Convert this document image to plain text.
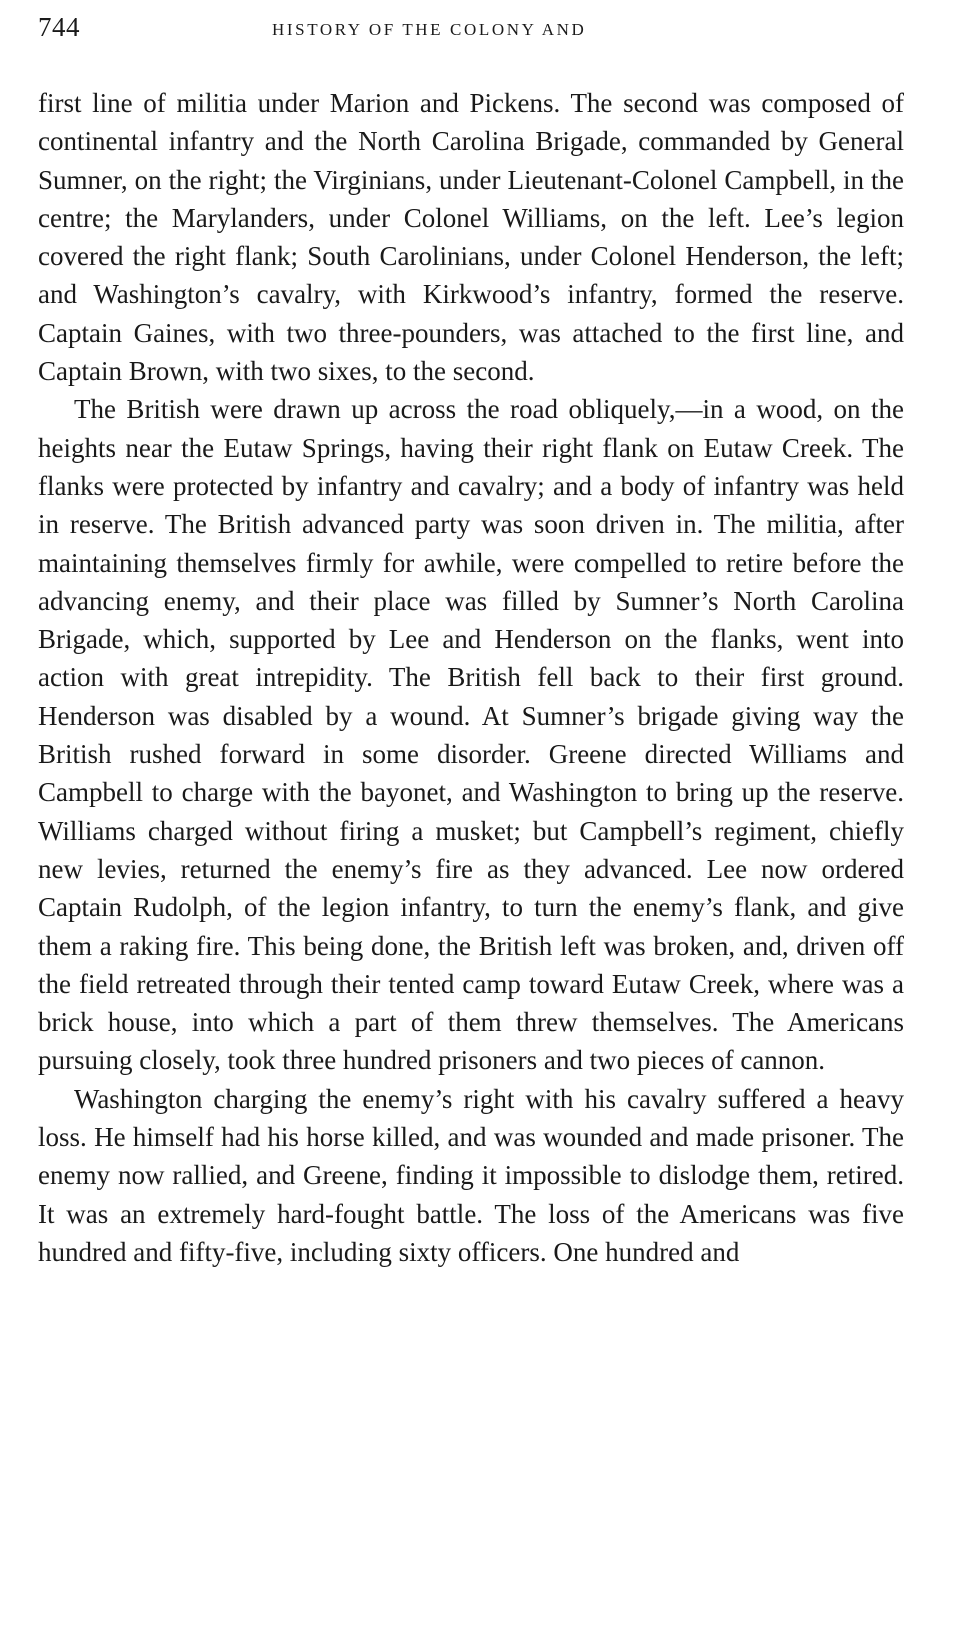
744	HISTORY OF THE COLONY AND

first line of militia under Marion and Pickens. The second was composed of continental infantry and the North Carolina Brigade, commanded by General Sumner, on the right; the Virginians, under Lieutenant-Colonel Campbell, in the centre; the Marylanders, under Colonel Williams, on the left. Lee’s legion covered the right flank; South Carolinians, under Colonel Henderson, the left; and Washington’s cavalry, with Kirkwood’s infantry, formed the reserve. Captain Gaines, with two three-pounders, was attached to the first line, and Captain Brown, with two sixes, to the second.

The British were drawn up across the road obliquely,—in a wood, on the heights near the Eutaw Springs, having their right flank on Eutaw Creek. The flanks were protected by infantry and cavalry; and a body of infantry was held in reserve. The British advanced party was soon driven in. The militia, after maintaining themselves firmly for awhile, were compelled to retire before the advancing enemy, and their place was filled by Sumner’s North Carolina Brigade, which, supported by Lee and Henderson on the flanks, went into action with great intrepidity. The British fell back to their first ground. Henderson was disabled by a wound. At Sumner’s brigade giving way the British rushed forward in some disorder. Greene directed Williams and Campbell to charge with the bayonet, and Washington to bring up the reserve. Williams charged without firing a musket; but Campbell’s regiment, chiefly new levies, returned the enemy’s fire as they advanced. Lee now ordered Captain Rudolph, of the legion infantry, to turn the enemy’s flank, and give them a raking fire. This being done, the British left was broken, and, driven off the field retreated through their tented camp toward Eutaw Creek, where was a brick house, into which a part of them threw themselves. The Americans pursuing closely, took three hundred prisoners and two pieces of cannon.

Washington charging the enemy’s right with his cavalry suffered a heavy loss. He himself had his horse killed, and was wounded and made prisoner. The enemy now rallied, and Greene, finding it impossible to dislodge them, retired. It was an extremely hard-fought battle. The loss of the Americans was five hundred and fifty-five, including sixty officers. One hundred and
